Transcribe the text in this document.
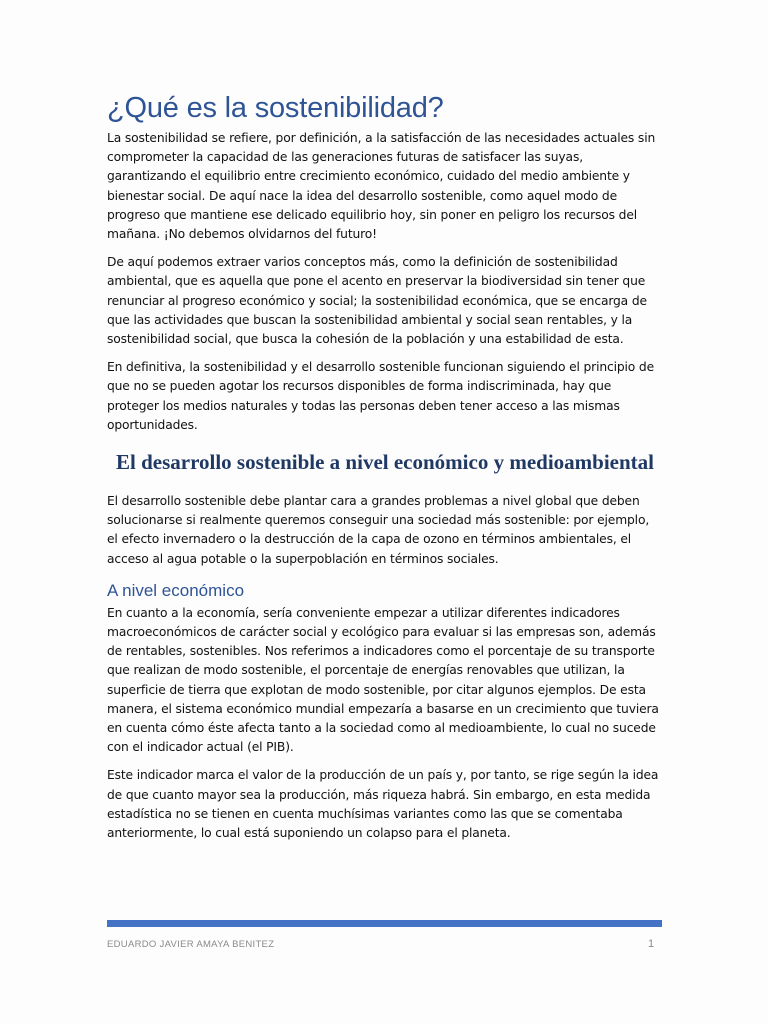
¿Qué es la sostenibilidad?

La sostenibilidad se refiere, por definición, a la satisfacción de las necesidades actuales sin comprometer la capacidad de las generaciones futuras de satisfacer las suyas, garantizando el equilibrio entre crecimiento económico, cuidado del medio ambiente y bienestar social. De aquí nace la idea del desarrollo sostenible, como aquel modo de progreso que mantiene ese delicado equilibrio hoy, sin poner en peligro los recursos del mañana. ¡No debemos olvidarnos del futuro!

De aquí podemos extraer varios conceptos más, como la definición de sostenibilidad ambiental, que es aquella que pone el acento en preservar la biodiversidad sin tener que renunciar al progreso económico y social; la sostenibilidad económica, que se encarga de que las actividades que buscan la sostenibilidad ambiental y social sean rentables, y la sostenibilidad social, que busca la cohesión de la población y una estabilidad de esta.

En definitiva, la sostenibilidad y el desarrollo sostenible funcionan siguiendo el principio de que no se pueden agotar los recursos disponibles de forma indiscriminada, hay que proteger los medios naturales y todas las personas deben tener acceso a las mismas oportunidades.

El desarrollo sostenible a nivel económico y medioambiental

El desarrollo sostenible debe plantar cara a grandes problemas a nivel global que deben solucionarse si realmente queremos conseguir una sociedad más sostenible: por ejemplo, el efecto invernadero o la destrucción de la capa de ozono en términos ambientales, el acceso al agua potable o la superpoblación en términos sociales.

A nivel económico

En cuanto a la economía, sería conveniente empezar a utilizar diferentes indicadores macroeconómicos de carácter social y ecológico para evaluar si las empresas son, además de rentables, sostenibles. Nos referimos a indicadores como el porcentaje de su transporte que realizan de modo sostenible, el porcentaje de energías renovables que utilizan, la superficie de tierra que explotan de modo sostenible, por citar algunos ejemplos. De esta manera, el sistema económico mundial empezaría a basarse en un crecimiento que tuviera en cuenta cómo éste afecta tanto a la sociedad como al medioambiente, lo cual no sucede con el indicador actual (el PIB).

Este indicador marca el valor de la producción de un país y, por tanto, se rige según la idea de que cuanto mayor sea la producción, más riqueza habrá. Sin embargo, en esta medida estadística no se tienen en cuenta muchísimas variantes como las que se comentaba anteriormente, lo cual está suponiendo un colapso para el planeta.

EDUARDO JAVIER AMAYA BENITEZ	1
